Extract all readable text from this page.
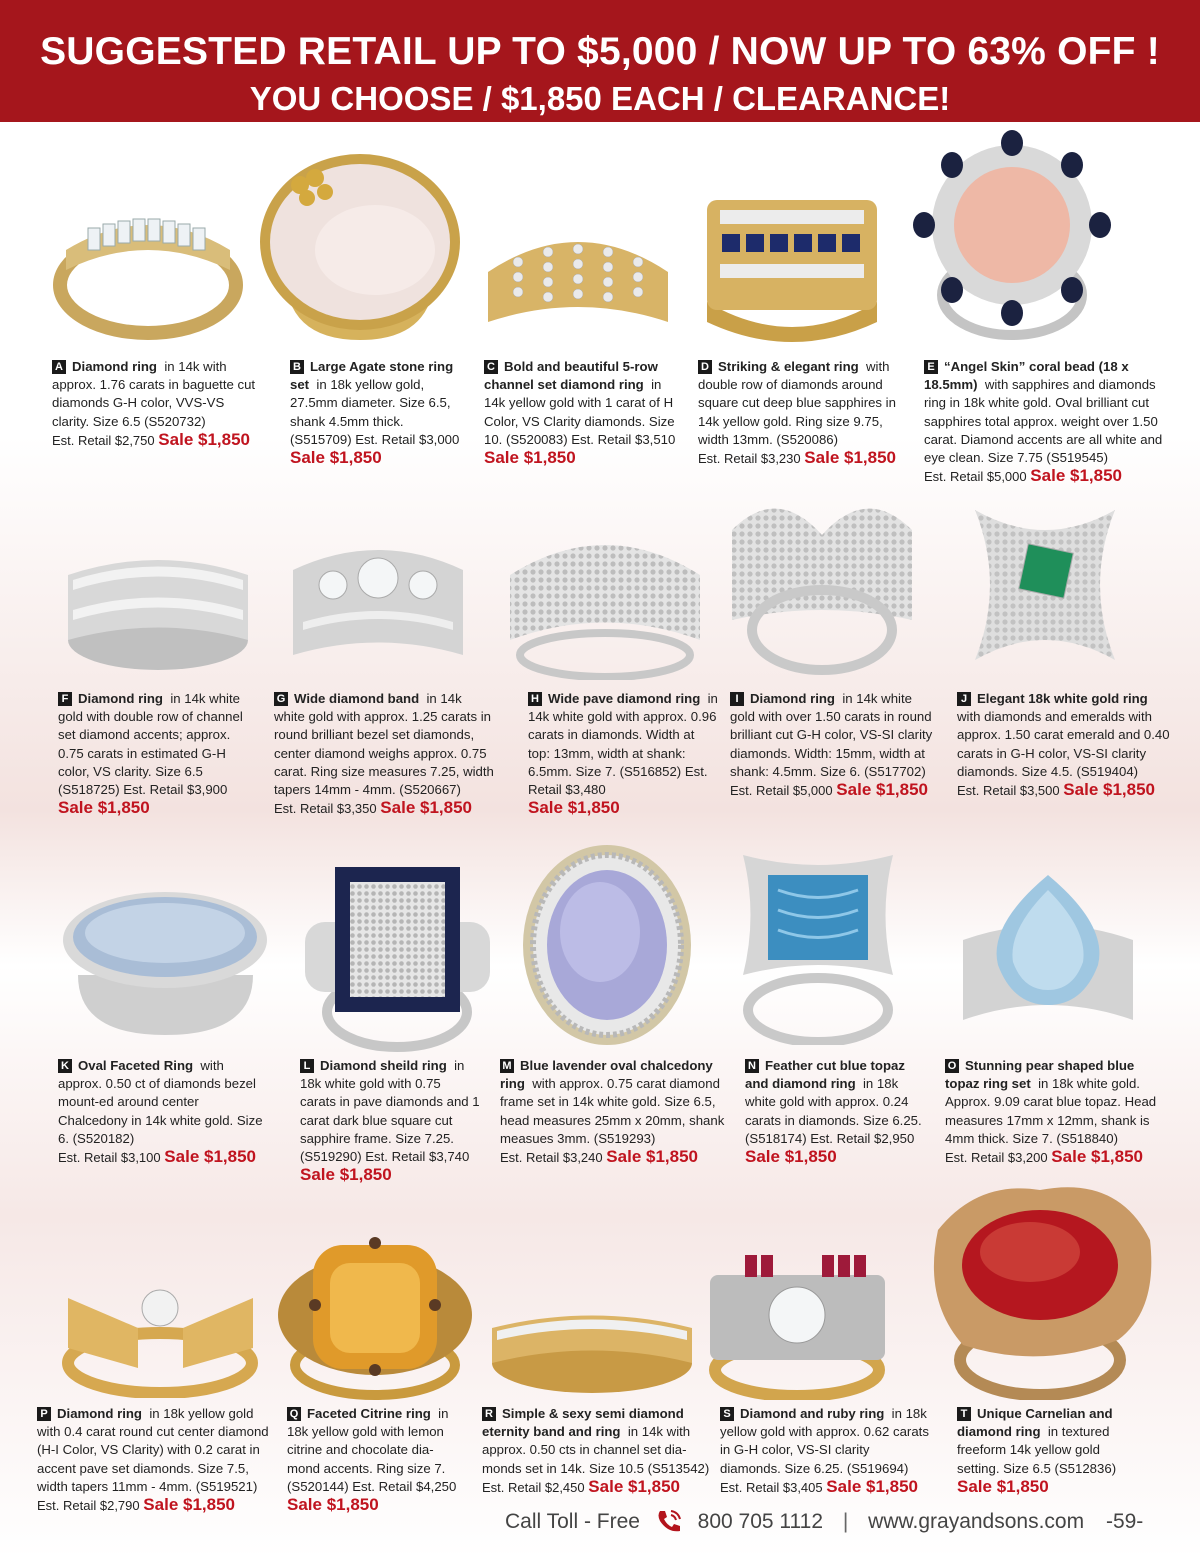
SUGGESTED RETAIL UP TO $5,000 / NOW UP TO 63% OFF !
YOU CHOOSE / $1,850 EACH / CLEARANCE!
A Diamond ring in 14k with approx. 1.76 carats in baguette cut diamonds G-H color, VVS-VS clarity. Size 6.5 (S520732)
Est. Retail $2,750 Sale $1,850
B Large Agate stone ring set in 18k yellow gold, 27.5mm diameter. Size 6.5, shank 4.5mm thick. (S515709) Est. Retail $3,000
Sale $1,850
C Bold and beautiful 5-row channel set diamond ring in 14k yellow gold with 1 carat of H Color, VS Clarity diamonds. Size 10. (S520083) Est. Retail $3,510
Sale $1,850
D Striking & elegant ring with double row of diamonds around square cut deep blue sapphires in 14k yellow gold. Ring size 9.75, width 13mm. (S520086)
Est. Retail $3,230 Sale $1,850
E “Angel Skin” coral bead (18 x 18.5mm) with sapphires and diamonds ring in 18k white gold. Oval brilliant cut sapphires total approx. weight over 1.50 carat. Diamond accents are all white and eye clean. Size 7.75 (S519545)
Est. Retail $5,000 Sale $1,850
F Diamond ring in 14k white gold with double row of channel set diamond accents; approx. 0.75 carats in estimated G-H color, VS clarity. Size 6.5 (S518725) Est. Retail $3,900
Sale $1,850
G Wide diamond band in 14k white gold with approx. 1.25 carats in round brilliant bezel set diamonds, center diamond weighs approx. 0.75 carat. Ring size measures 7.25, width tapers 14mm - 4mm. (S520667)
Est. Retail $3,350 Sale $1,850
H Wide pave diamond ring in 14k white gold with approx. 0.96 carats in diamonds. Width at top: 13mm, width at shank: 6.5mm. Size 7. (S516852) Est. Retail $3,480
Sale $1,850
I Diamond ring in 14k white gold with over 1.50 carats in round brilliant cut G-H color, VS-SI clarity diamonds. Width: 15mm, width at shank: 4.5mm. Size 6. (S517702)
Est. Retail $5,000 Sale $1,850
J Elegant 18k white gold ring  with diamonds and emeralds with approx. 1.50 carat emerald and 0.40 carats in G-H color, VS-SI clarity diamonds. Size 4.5. (S519404)
Est. Retail $3,500 Sale $1,850
K Oval Faceted Ring with approx. 0.50 ct of diamonds bezel mount-ed around center Chalcedony in 14k white gold. Size 6. (S520182)
Est. Retail $3,100 Sale $1,850
L Diamond sheild ring in 18k white gold with 0.75 carats in pave diamonds and 1 carat dark blue square cut sapphire frame. Size 7.25. (S519290) Est. Retail $3,740
Sale $1,850
M Blue lavender oval chalcedony ring with approx. 0.75 carat diamond frame set in 14k white gold. Size 6.5, head measures 25mm x 20mm, shank measues 3mm. (S519293)
Est. Retail $3,240 Sale $1,850
N Feather cut blue topaz and diamond ring in 18k white gold with approx. 0.24 carats in diamonds. Size 6.25. (S518174) Est. Retail $2,950
Sale $1,850
O Stunning pear shaped blue topaz ring set in 18k white gold. Approx. 9.09 carat blue topaz. Head measures 17mm x 12mm, shank is 4mm thick. Size 7. (S518840)
Est. Retail $3,200 Sale $1,850
P Diamond ring in 18k yellow gold with 0.4 carat round cut center diamond (H-I Color, VS Clarity) with 0.2 carat in accent pave set diamonds. Size 7.5, width tapers 11mm - 4mm. (S519521)
Est. Retail $2,790 Sale $1,850
Q Faceted Citrine ring in 18k yellow gold with lemon citrine and chocolate dia-mond accents. Ring size 7. (S520144) Est. Retail $4,250
Sale $1,850
R Simple & sexy semi diamond eternity band and ring in 14k with approx. 0.50 cts in channel set dia-monds set in 14k. Size 10.5 (S513542)
Est. Retail $2,450 Sale $1,850
S Diamond and ruby ring in 18k yellow gold with approx. 0.62 carats in G-H color, VS-SI clarity diamonds. Size 6.25. (S519694)
Est. Retail $3,405 Sale $1,850
T Unique Carnelian and diamond ring in textured freeform 14k yellow gold setting. Size 6.5 (S512836)
Sale $1,850
Call Toll - Free	800 705 1112 | www.grayandsons.com -59-
